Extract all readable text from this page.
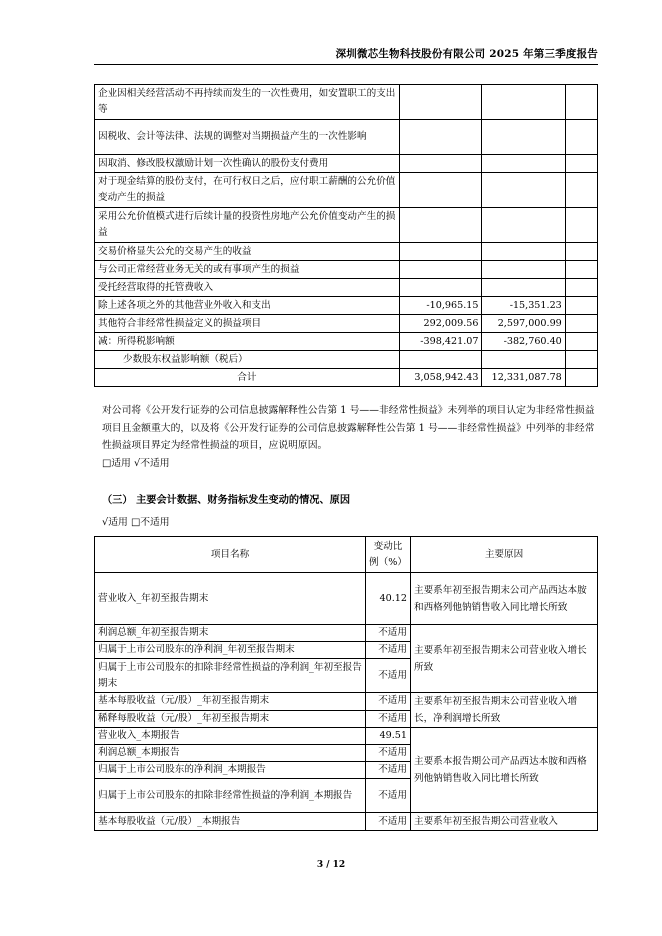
深圳微芯生物科技股份有限公司 2025 年第三季度报告
企业因相关经营活动不再持续而发生的一次性费用，如安置职工的支出等			
因税收、会计等法律、法规的调整对当期损益产生的一次性影响			
因取消、修改股权激励计划一次性确认的股份支付费用			
对于现金结算的股份支付，在可行权日之后，应付职工薪酬的公允价值变动产生的损益			
采用公允价值模式进行后续计量的投资性房地产公允价值变动产生的损益			
交易价格显失公允的交易产生的收益			
与公司正常经营业务无关的或有事项产生的损益			
受托经营取得的托管费收入			
除上述各项之外的其他营业外收入和支出	-10,965.15	-15,351.23	
其他符合非经常性损益定义的损益项目	292,009.56	2,597,000.99	
减：所得税影响额	-398,421.07	-382,760.40	
少数股东权益影响额（税后）			
合计	3,058,942.43	12,331,087.78	
对公司将《公开发行证券的公司信息披露解释性公告第 1 号——非经常性损益》未列举的项目认定为非经常性损益项目且金额重大的，以及将《公开发行证券的公司信息披露解释性公告第 1 号——非经常性损益》中列举的非经常性损益项目界定为经常性损益的项目，应说明原因。
□适用 √不适用
（三） 主要会计数据、财务指标发生变动的情况、原因
√适用 □不适用
项目名称	变动比例（%）	主要原因
营业收入_年初至报告期末	40.12	主要系年初至报告期末公司产品西达本胺和西格列他钠销售收入同比增长所致
利润总额_年初至报告期末	不适用	主要系年初至报告期末公司营业收入增长所致
归属于上市公司股东的净利润_年初至报告期末	不适用	
归属于上市公司股东的扣除非经常性损益的净利润_年初至报告期末	不适用	
基本每股收益（元/股）_年初至报告期末	不适用	主要系年初至报告期末公司营业收入增长，净利润增长所致
稀释每股收益（元/股）_年初至报告期末	不适用	
营业收入_本期报告	49.51	主要系本报告期公司产品西达本胺和西格列他钠销售收入同比增长所致
利润总额_本期报告	不适用	
归属于上市公司股东的净利润_本期报告	不适用	
归属于上市公司股东的扣除非经常性损益的净利润_本期报告	不适用	
基本每股收益（元/股）_本期报告	不适用	主要系年初至报告期公司营业收入
3 / 12
